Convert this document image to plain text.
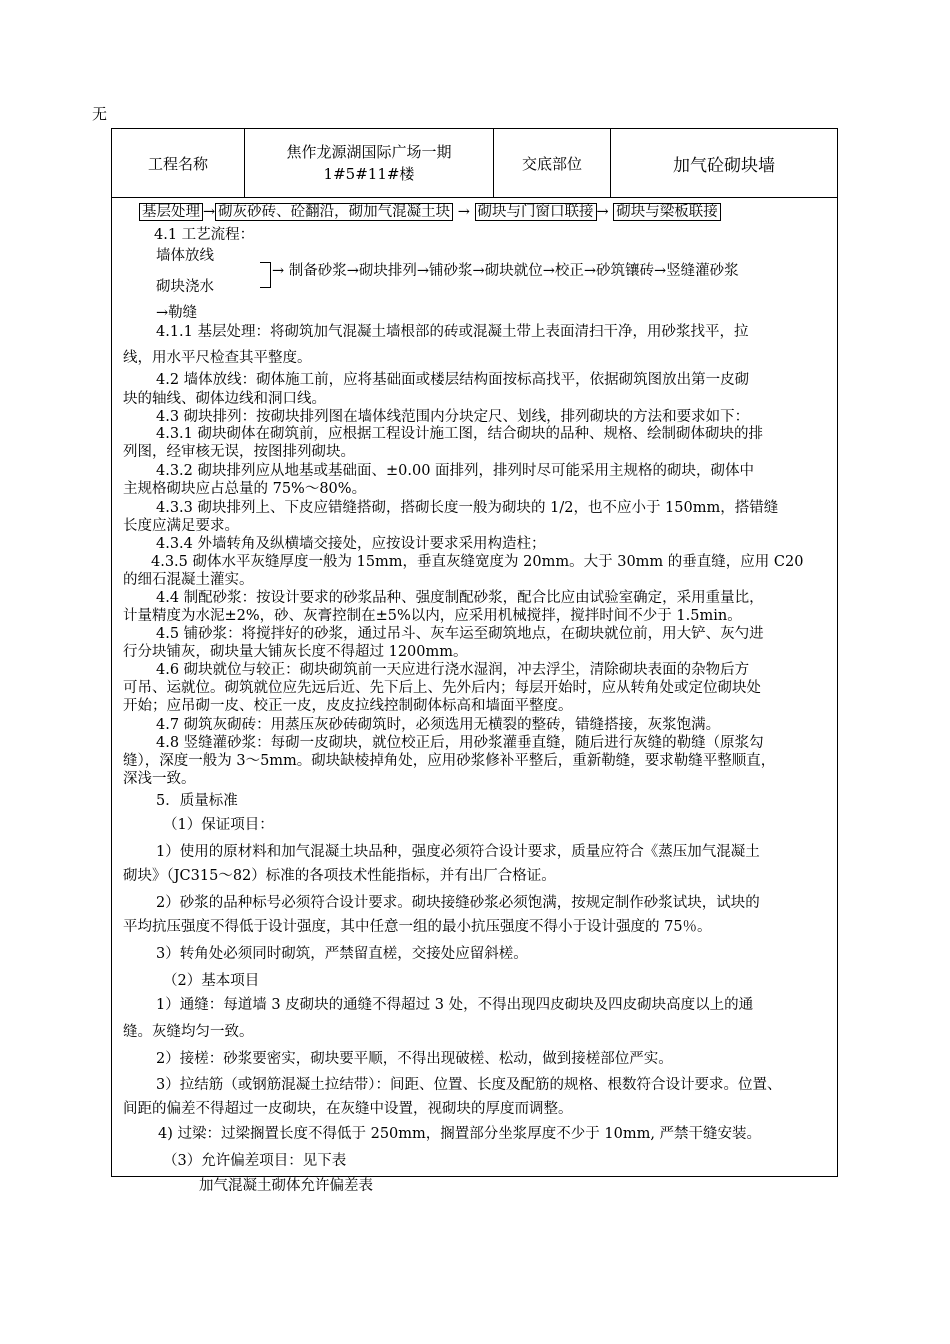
无
工程名称
焦作龙源湖国际广场一期
1#5#11#楼
交底部位	加气砼砌块墙
基层处理 → 砌灰砂砖、砼翻沿，砌加气混凝土块 → 砌块与门窗口联接 → 砌块与梁板联接
4.1 工艺流程：
墙体放线
砌块浇水
→ 制备砂浆→砌块排列→铺砂浆→砌块就位→校正→砂筑镶砖→竖缝灌砂浆
→勒缝
4.1.1 基层处理：将砌筑加气混凝土墙根部的砖或混凝土带上表面清扫干净，用砂浆找平，拉
线，用水平尺检查其平整度。
4.2 墙体放线：砌体施工前，应将基础面或楼层结构面按标高找平，依据砌筑图放出第一皮砌
块的轴线、砌体边线和洞口线。
4.3 砌块排列：按砌块排列图在墙体线范围内分块定尺、划线，排列砌块的方法和要求如下：
4.3.1 砌块砌体在砌筑前，应根据工程设计施工图，结合砌块的品种、规格、绘制砌体砌块的排
列图，经审核无误，按图排列砌块。
4.3.2 砌块排列应从地基或基础面、±0.00 面排列，排列时尽可能采用主规格的砌块，砌体中
主规格砌块应占总量的 75%～80%。
4.3.3 砌块排列上、下皮应错缝搭砌，搭砌长度一般为砌块的 1/2，也不应小于 150mm，搭错缝
长度应满足要求。
4.3.4 外墙转角及纵横墙交接处，应按设计要求采用构造柱；
4.3.5 砌体水平灰缝厚度一般为 15mm，垂直灰缝宽度为 20mm。大于 30mm 的垂直缝，应用 C20
的细石混凝土灌实。
4.4 制配砂浆：按设计要求的砂浆品种、强度制配砂浆，配合比应由试验室确定，采用重量比，
计量精度为水泥±2%，砂、灰膏控制在±5%以内，应采用机械搅拌，搅拌时间不少于 1.5min。
4.5 铺砂浆：将搅拌好的砂浆，通过吊斗、灰车运至砌筑地点，在砌块就位前，用大铲、灰勺进
行分块铺灰，砌块量大铺灰长度不得超过 1200mm。
4.6 砌块就位与较正：砌块砌筑前一天应进行浇水湿润，冲去浮尘，清除砌块表面的杂物后方
可吊、运就位。砌筑就位应先远后近、先下后上、先外后内；每层开始时，应从转角处或定位砌块处
开始；应吊砌一皮、校正一皮，皮皮拉线控制砌体标高和墙面平整度。
4.7 砌筑灰砌砖：用蒸压灰砂砖砌筑时，必须选用无横裂的整砖，错缝搭接，灰浆饱满。
4.8 竖缝灌砂浆：每砌一皮砌块，就位校正后，用砂浆灌垂直缝，随后进行灰缝的勒缝（原浆勾
缝），深度一般为 3～5mm。砌块缺棱掉角处，应用砂浆修补平整后，重新勒缝，要求勒缝平整顺直，
深浅一致。
5．质量标准
（1）保证项目：
1）使用的原材料和加气混凝土块品种，强度必须符合设计要求，质量应符合《蒸压加气混凝土
砌块》（JC315～82）标准的各项技术性能指标，并有出厂合格证。
2）砂浆的品种标号必须符合设计要求。砌块接缝砂浆必须饱满，按规定制作砂浆试块，试块的
平均抗压强度不得低于设计强度，其中任意一组的最小抗压强度不得小于设计强度的 75％。
3）转角处必须同时砌筑，严禁留直槎，交接处应留斜槎。
（2）基本项目
1）通缝：每道墙 3 皮砌块的通缝不得超过 3 处，不得出现四皮砌块及四皮砌块高度以上的通
缝。灰缝均匀一致。
2）接槎：砂浆要密实，砌块要平顺，不得出现破槎、松动，做到接槎部位严实。
3）拉结筋（或钢筋混凝土拉结带）：间距、位置、长度及配筋的规格、根数符合设计要求。位置、
间距的偏差不得超过一皮砌块，在灰缝中设置，视砌块的厚度而调整。
4) 过梁：过梁搁置长度不得低于 250mm，搁置部分坐浆厚度不少于 10mm, 严禁干缝安装。
（3）允许偏差项目：见下表
加气混凝土砌体允许偏差表
